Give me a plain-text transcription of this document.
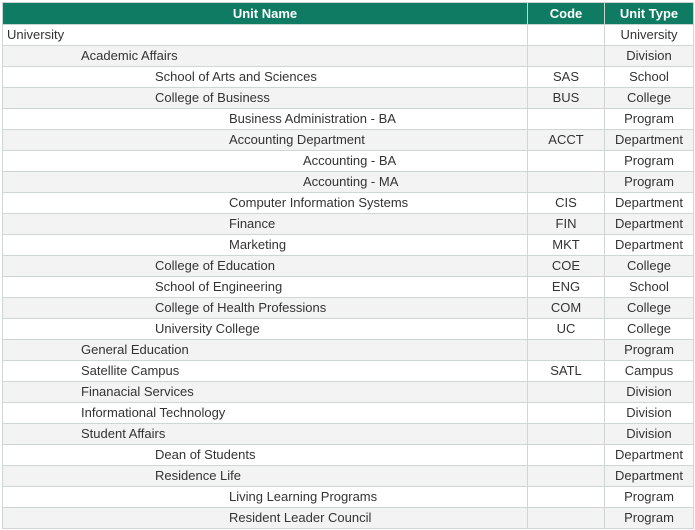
Unit Name	Code	Unit Type
University		University
Academic Affairs		Division
School of Arts and Sciences	SAS	School
College of Business	BUS	College
Business Administration - BA		Program
Accounting Department	ACCT	Department
Accounting - BA		Program
Accounting - MA		Program
Computer Information Systems	CIS	Department
Finance	FIN	Department
Marketing	MKT	Department
College of Education	COE	College
School of Engineering	ENG	School
College of Health Professions	COM	College
University College	UC	College
General Education		Program
Satellite Campus	SATL	Campus
Finanacial Services		Division
Informational Technology		Division
Student Affairs		Division
Dean of Students		Department
Residence Life		Department
Living Learning Programs		Program
Resident Leader Council		Program
